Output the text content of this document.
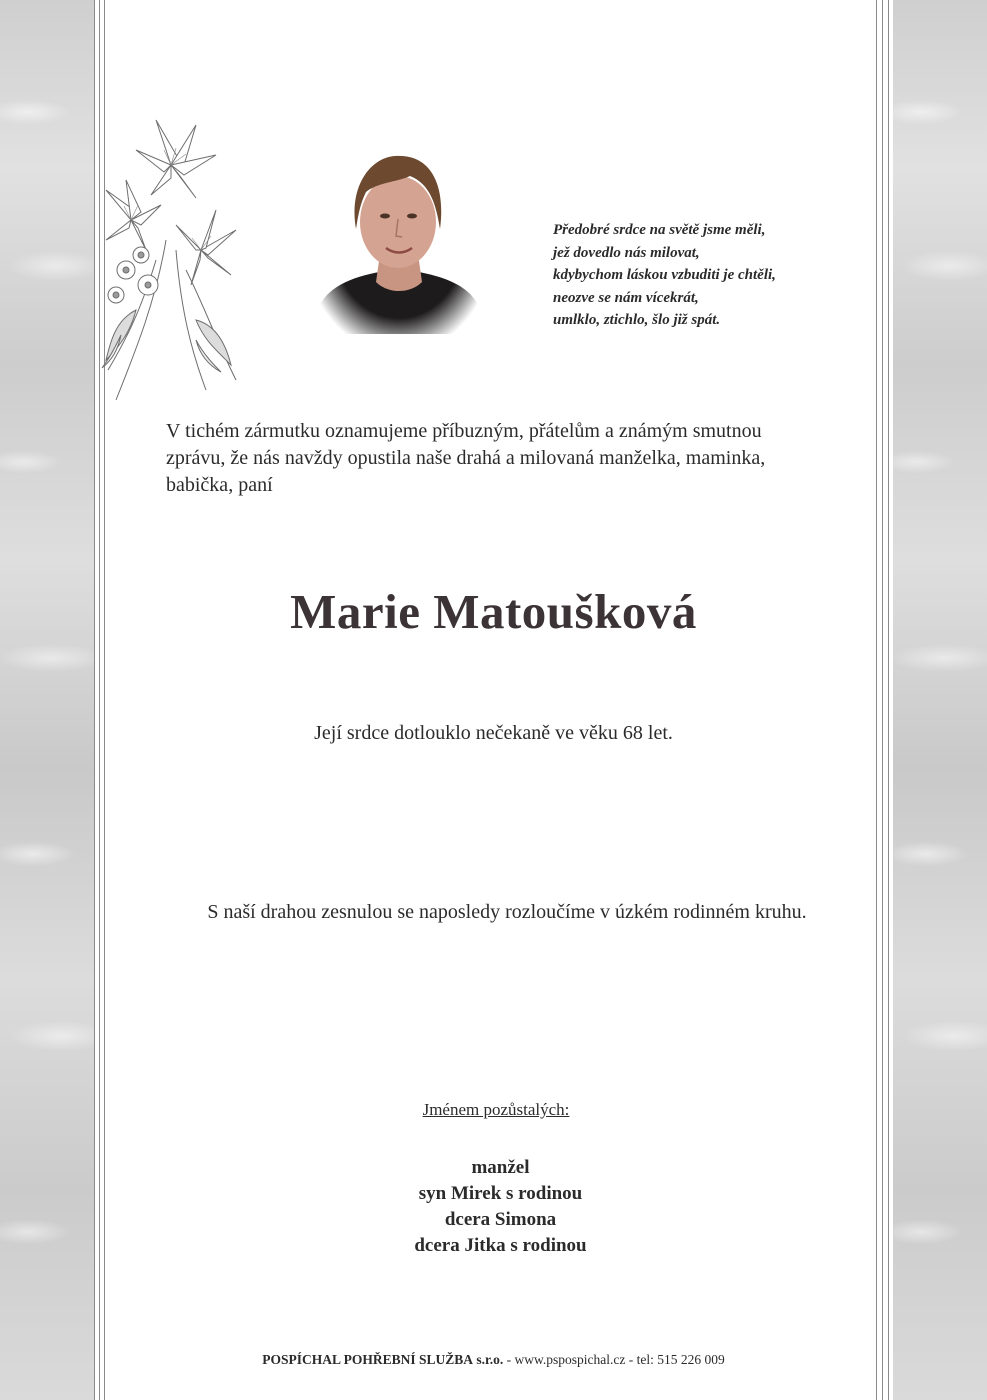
Předobré srdce na světě jsme měli,
jež dovedlo nás milovat,
kdybychom láskou vzbuditi je chtěli,
neozve se nám vícekrát,
umlklo, ztichlo, šlo již spát.
V tichém zármutku oznamujeme příbuzným, přátelům a známým smutnou
zprávu, že nás navždy opustila naše drahá a milovaná manželka, maminka,
babička, paní
Marie Matoušková
Její srdce dotlouklo nečekaně ve věku 68 let.
S naší drahou zesnulou se naposledy rozloučíme v úzkém rodinném kruhu.
Jménem pozůstalých:
manžel
syn Mirek s rodinou
dcera Simona
dcera Jitka s rodinou
POSPÍCHAL POHŘEBNÍ SLUŽBA s.r.o. - www.pspospichal.cz - tel: 515 226 009
